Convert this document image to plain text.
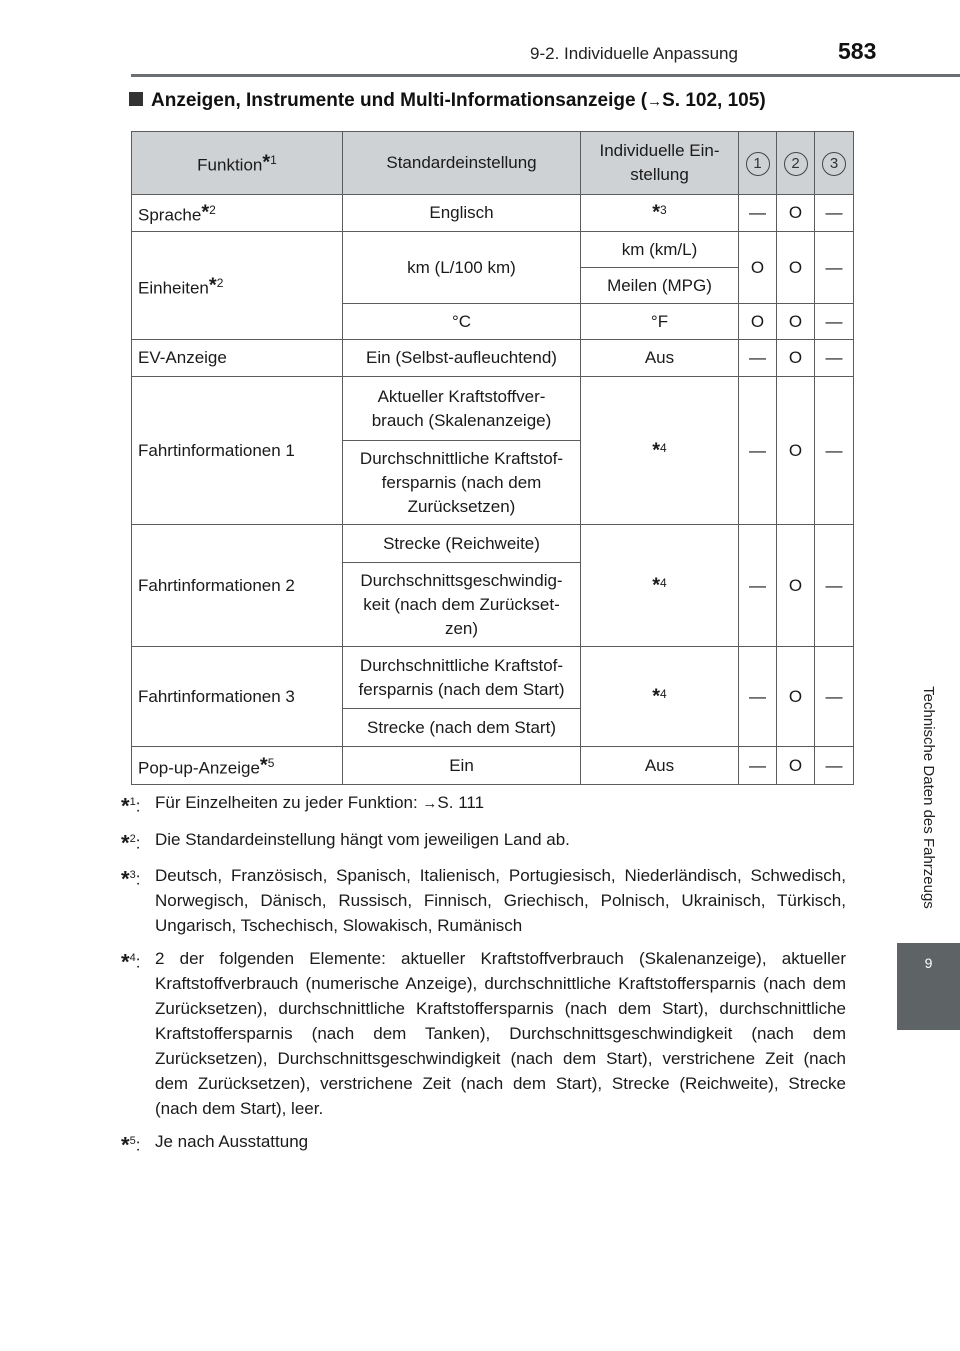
9-2. Individuelle Anpassung	583
Technische Daten des Fahrzeugs
9
Anzeigen, Instrumente und Multi-Informationsanzeige (→S. 102, 105)
Funktion*$^1$	Standardeinstellung	Individuelle Ein-
stellung	1	2	3
Sprache*$^2$	Englisch	*$^3$	—	O	—
Einheiten*$^2$	km (L/100 km)	km (km/L)	O	O	—
		Meilen (MPG)			
	°C	°F	O	O	—
EV-Anzeige	Ein (Selbst-aufleuchtend)	Aus	—	O	—
Fahrtinformationen 1	Aktueller Kraftstoffver-
brauch (Skalenanzeige)	*$^4$	—	O	—
	Durchschnittliche Kraftstof-
fersparnis (nach dem
Zurücksetzen)				
Fahrtinformationen 2	Strecke (Reichweite)	*$^4$	—	O	—
	Durchschnittsgeschwindig-
keit (nach dem Zurückset-
zen)				
Fahrtinformationen 3	Durchschnittliche Kraftstof-
fersparnis (nach dem Start)	*$^4$	—	O	—
	Strecke (nach dem Start)				
Pop-up-Anzeige*$^5$	Ein	Aus	—	O	—
*$^1$: Für Einzelheiten zu jeder Funktion: →S. 111
*$^2$: Die Standardeinstellung hängt vom jeweiligen Land ab.
*$^3$: Deutsch, Französisch, Spanisch, Italienisch, Portugiesisch, Niederländisch, Schwedisch, Norwegisch, Dänisch, Russisch, Finnisch, Griechisch, Polnisch, Ukrainisch, Türkisch, Ungarisch, Tschechisch, Slowakisch, Rumänisch
*$^4$: 2 der folgenden Elemente: aktueller Kraftstoffverbrauch (Skalenanzeige), aktueller Kraftstoffverbrauch (numerische Anzeige), durchschnittliche Kraftstoffersparnis (nach dem Zurücksetzen), durchschnittliche Kraftstoffersparnis (nach dem Start), durchschnittliche Kraftstoffersparnis (nach dem Tanken), Durchschnittsgeschwindigkeit (nach dem Zurücksetzen), Durchschnittsgeschwindigkeit (nach dem Start), verstrichene Zeit (nach dem Zurücksetzen), verstrichene Zeit (nach dem Start), Strecke (Reichweite), Strecke (nach dem Start), leer.
*$^5$: Je nach Ausstattung
